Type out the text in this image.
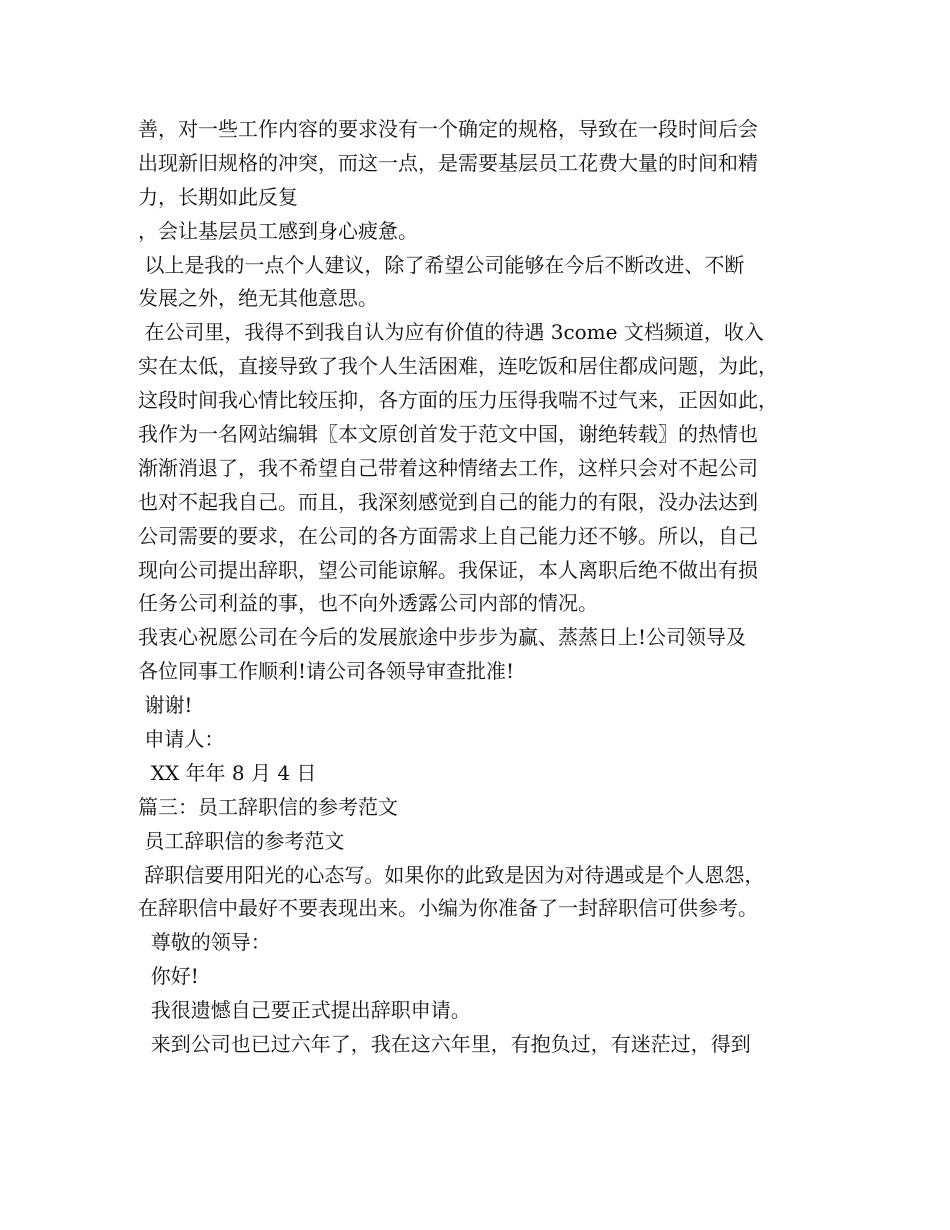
善，对一些工作内容的要求没有一个确定的规格，导致在一段时间后会
出现新旧规格的冲突，而这一点，是需要基层员工花费大量的时间和精
力，长期如此反复
，会让基层员工感到身心疲惫。
以上是我的一点个人建议，除了希望公司能够在今后不断改进、不断
发展之外，绝无其他意思。
在公司里，我得不到我自认为应有价值的待遇 3come 文档频道，收入
实在太低，直接导致了我个人生活困难，连吃饭和居住都成问题，为此，
这段时间我心情比较压抑，各方面的压力压得我喘不过气来，正因如此，
我作为一名网站编辑〖本文原创首发于范文中国，谢绝转载〗的热情也
渐渐消退了，我不希望自己带着这种情绪去工作，这样只会对不起公司
也对不起我自己。而且，我深刻感觉到自己的能力的有限，没办法达到
公司需要的要求，在公司的各方面需求上自己能力还不够。所以，自己
现向公司提出辞职，望公司能谅解。我保证，本人离职后绝不做出有损
任务公司利益的事，也不向外透露公司内部的情况。
我衷心祝愿公司在今后的发展旅途中步步为赢、蒸蒸日上!公司领导及
各位同事工作顺利!请公司各领导审查批准!
谢谢!
申请人：
XX 年年 8 月 4 日
篇三：员工辞职信的参考范文
员工辞职信的参考范文
辞职信要用阳光的心态写。如果你的此致是因为对待遇或是个人恩怨，
在辞职信中最好不要表现出来。小编为你准备了一封辞职信可供参考。
尊敬的领导：
你好!
我很遗憾自己要正式提出辞职申请。
来到公司也已过六年了，我在这六年里，有抱负过，有迷茫过，得到
